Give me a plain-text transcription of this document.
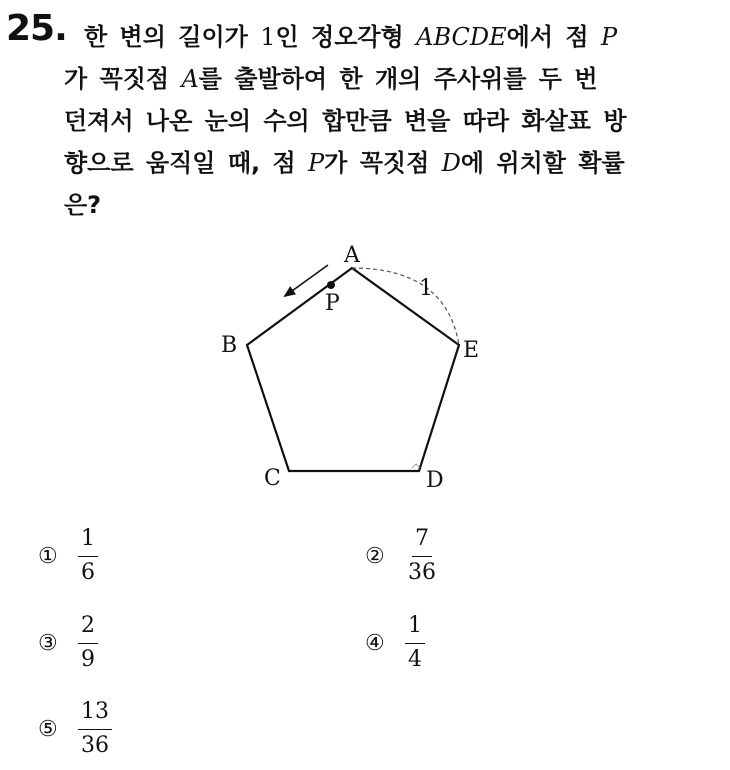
25. 한 변의 길이가 1인 정오각형 ABCDE에서 점 P
가 꼭짓점 A를 출발하여 한 개의 주사위를 두 번
던져서 나온 눈의 수의 합만큼 변을 따라 화살표 방
향으로 움직일 때, 점 P가 꼭짓점 D에 위치할 확률
은?
A
B
C	D
E
P
1
① $\frac{1}{6}$	② $\frac{7}{36}$
③ $\frac{2}{9}$	④ $\frac{1}{4}$
⑤ $\frac{13}{36}$
